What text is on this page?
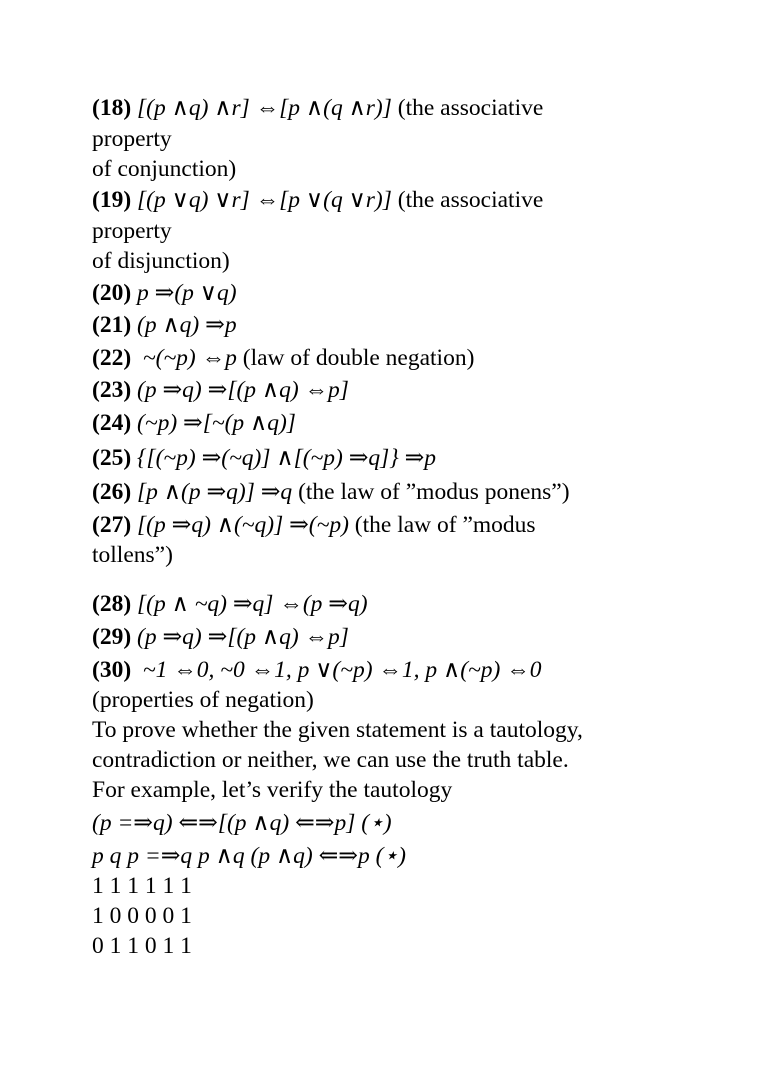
(18) [(p ∧q) ∧r] ⇔[p ∧(q ∧r)] (the associative
property
of conjunction)
(19) [(p ∨q) ∨r] ⇔[p ∨(q ∨r)] (the associative
property
of disjunction)
(20) p ⇒(p ∨q)
(21) (p ∧q) ⇒p
(22)  ~(~p) ⇔p (law of double negation)
(23) (p ⇒q) ⇒[(p ∧q) ⇔p]
(24) (~p) ⇒[~(p ∧q)]
(25) {[(~p) ⇒(~q)] ∧[(~p) ⇒q]} ⇒p
(26) [p ∧(p ⇒q)] ⇒q (the law of ”modus ponens”)
(27) [(p ⇒q) ∧(~q)] ⇒(~p) (the law of ”modus
tollens”)
(28) [(p ∧ ~q) ⇒q] ⇔(p ⇒q)
(29) (p ⇒q) ⇒[(p ∧q) ⇔p]
(30)  ~1 ⇔0, ~0 ⇔1, p ∨(~p) ⇔1, p ∧(~p) ⇔0
(properties of negation)
To prove whether the given statement is a tautology,
contradiction or neither, we can use the truth table.
For example, let’s verify the tautology
(p =⇒q) ⇐⇒[(p ∧q) ⇐⇒p] (⋆)
p q p =⇒q p ∧q (p ∧q) ⇐⇒p (⋆)
1 1 1 1 1 1
1 0 0 0 0 1
0 1 1 0 1 1
